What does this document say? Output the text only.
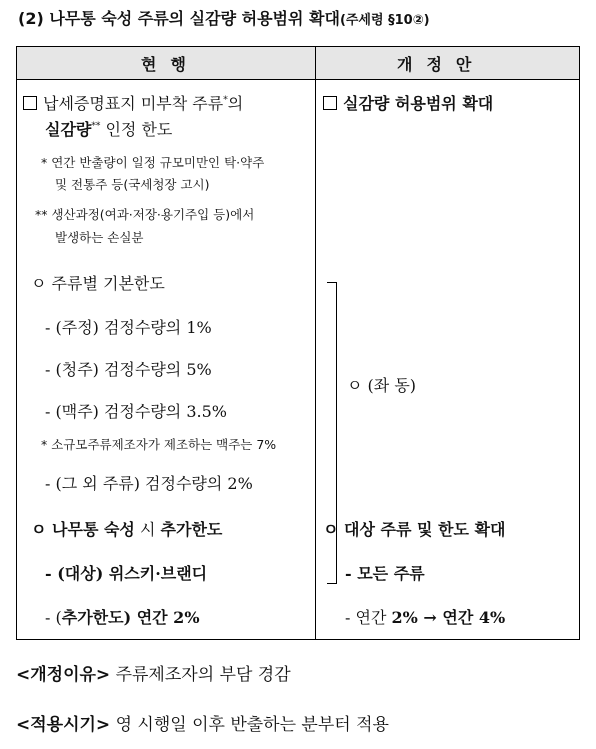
(2) 나무통 숙성 주류의 실감량 허용범위 확대(주세령 §10②)
현행	개정안
납세증명표지 미부착 주류*의
실감량** 인정 한도
* 연간 반출량이 일정 규모미만인 탁·약주
및 전통주 등(국세청장 고시)
** 생산과정(여과·저장·용기주입 등)에서
발생하는 손실분
ㅇ 주류별 기본한도
- (주정) 검정수량의 1%
- (청주) 검정수량의 5%
- (맥주) 검정수량의 3.5%
* 소규모주류제조자가 제조하는 맥주는 7%
- (그 외 주류) 검정수량의 2%
ㅇ 나무통 숙성 시 추가한도
- (대상) 위스키·브랜디
- (추가한도) 연간 2%
실감량 허용범위 확대
ㅇ (좌 동)
ㅇ 대상 주류 및 한도 확대
- 모든 주류
- 연간 2% → 연간 4%
<개정이유> 주류제조자의 부담 경감
<적용시기> 영 시행일 이후 반출하는 분부터 적용
